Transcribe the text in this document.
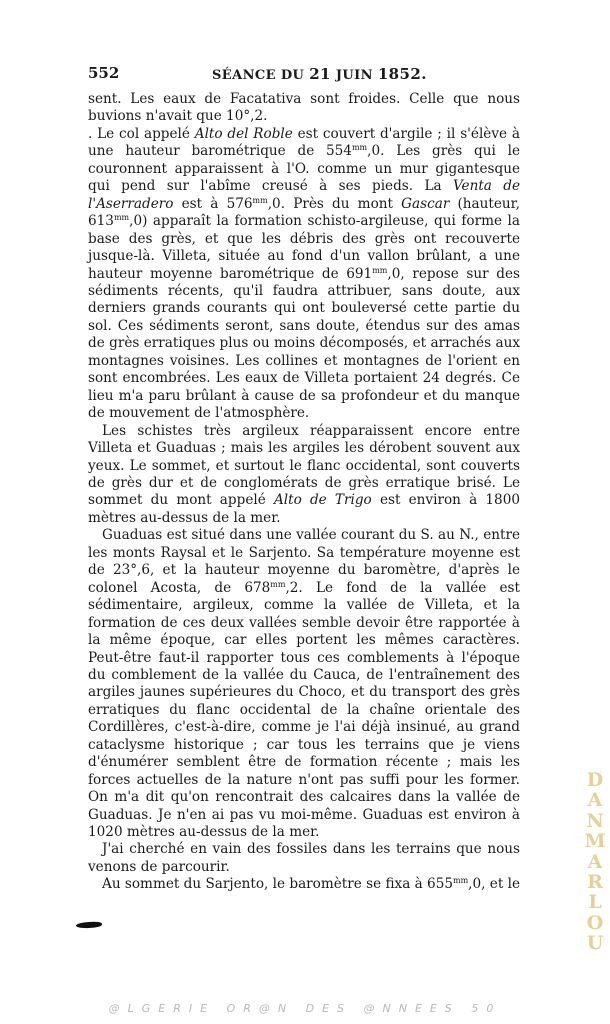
552	SÉANCE DU 21 JUIN 1852.

sent. Les eaux de Facatativa sont froides. Celle que nous buvions n'avait que 10°,2.

. Le col appelé Alto del Roble est couvert d'argile ; il s'élève à une hauteur barométrique de $554^{mm},0$. Les grès qui le couronnent apparaissent à l'O. comme un mur gigantesque qui pend sur l'abîme creusé à ses pieds. La Venta de l'Aserradero est à $576^{mm},0$. Près du mont Gascar (hauteur, $613^{mm},0$) apparaît la formation schisto-argileuse, qui forme la base des grès, et que les débris des grès ont recouverte jusque-là. Villeta, située au fond d'un vallon brûlant, a une hauteur moyenne barométrique de $691^{mm},0$, repose sur des sédiments récents, qu'il faudra attribuer, sans doute, aux derniers grands courants qui ont bouleversé cette partie du sol. Ces sédiments seront, sans doute, étendus sur des amas de grès erratiques plus ou moins décomposés, et arrachés aux montagnes voisines. Les collines et montagnes de l'orient en sont encombrées. Les eaux de Villeta portaient 24 degrés. Ce lieu m'a paru brûlant à cause de sa profondeur et du manque de mouvement de l'atmosphère.

Les schistes très argileux réapparaissent encore entre Villeta et Guaduas ; mais les argiles les dérobent souvent aux yeux. Le sommet, et surtout le flanc occidental, sont couverts de grès dur et de conglomérats de grès erratique brisé. Le sommet du mont appelé Alto de Trigo est environ à 1800 mètres au-dessus de la mer.

Guaduas est situé dans une vallée courant du S. au N., entre les monts Raysal et le Sarjento. Sa température moyenne est de 23°,6, et la hauteur moyenne du baromètre, d'après le colonel Acosta, de $678^{mm},2$. Le fond de la vallée est sédimentaire, argileux, comme la vallée de Villeta, et la formation de ces deux vallées semble devoir être rapportée à la même époque, car elles portent les mêmes caractères. Peut-être faut-il rapporter tous ces comblements à l'époque du comblement de la vallée du Cauca, de l'entraînement des argiles jaunes supérieures du Choco, et du transport des grès erratiques du flanc occidental de la chaîne orientale des Cordillères, c'est-à-dire, comme je l'ai déjà insinué, au grand cataclysme historique ; car tous les terrains que je viens d'énumérer semblent être de formation récente ; mais les forces actuelles de la nature n'ont pas suffi pour les former. On m'a dit qu'on rencontrait des calcaires dans la vallée de Guaduas. Je n'en ai pas vu moi-même. Guaduas est environ à 1020 mètres au-dessus de la mer.

J'ai cherché en vain des fossiles dans les terrains que nous venons de parcourir.

Au sommet du Sarjento, le baromètre se fixa à $655^{mm},0$, et le

DANMARLOU
@LGERIE OR@N DES @NNEES 50
